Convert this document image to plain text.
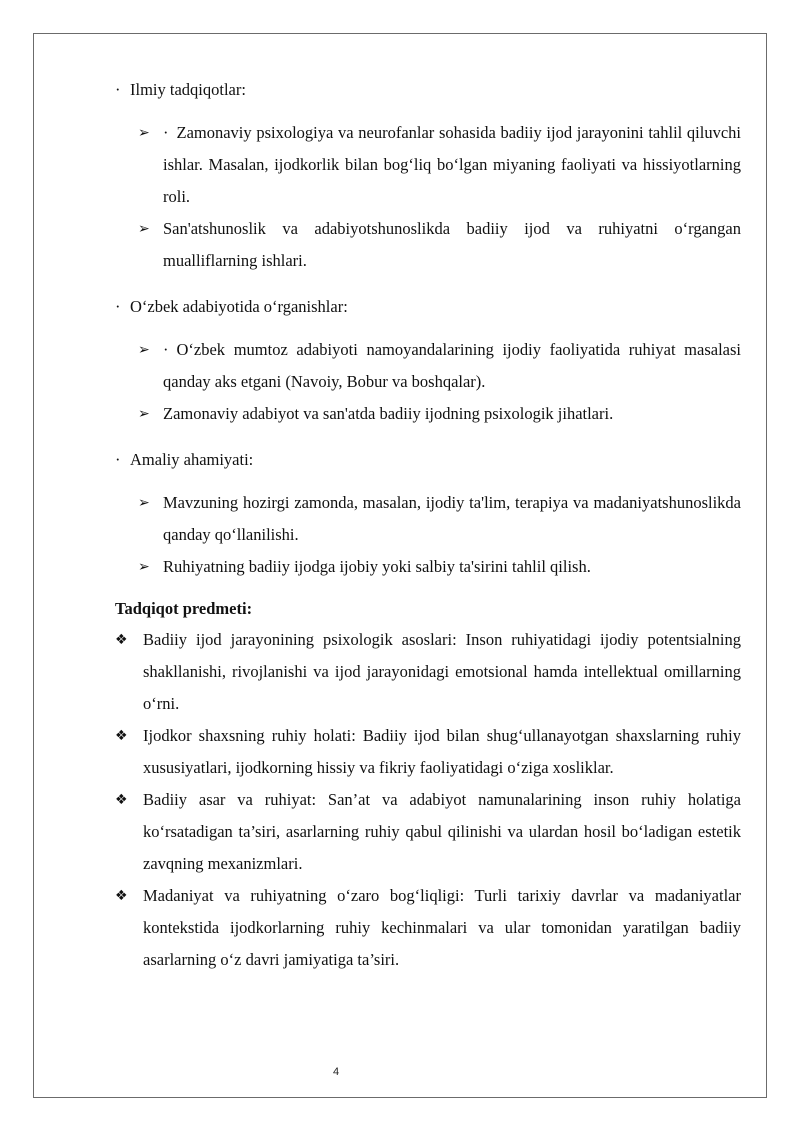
· Ilmiy tadqiqotlar:
➢ · Zamonaviy psixologiya va neurofanlar sohasida badiiy ijod jarayonini tahlil qiluvchi ishlar. Masalan, ijodkorlik bilan bog‘liq bo‘lgan miyaning faoliyati va hissiyotlarning roli.
➢ San'atshunoslik va adabiyotshunoslikda badiiy ijod va ruhiyatni o‘rgangan mualliflarning ishlari.
· O‘zbek adabiyotida o‘rganishlar:
➢ · O‘zbek mumtoz adabiyoti namoyandalarining ijodiy faoliyatida ruhiyat masalasi qanday aks etgani (Navoiy, Bobur va boshqalar).
➢ Zamonaviy adabiyot va san'atda badiiy ijodning psixologik jihatlari.
· Amaliy ahamiyati:
➢ Mavzuning hozirgi zamonda, masalan, ijodiy ta'lim, terapiya va madaniyatshunoslikda qanday qo‘llanilishi.
➢ Ruhiyatning badiiy ijodga ijobiy yoki salbiy ta'sirini tahlil qilish.
Tadqiqot predmeti:
❖ Badiiy ijod jarayonining psixologik asoslari: Inson ruhiyatidagi ijodiy potentsialning shakllanishi, rivojlanishi va ijod jarayonidagi emotsional hamda intellektual omillarning o‘rni.
❖ Ijodkor shaxsning ruhiy holati: Badiiy ijod bilan shug‘ullanayotgan shaxslarning ruhiy xususiyatlari, ijodkorning hissiy va fikriy faoliyatidagi o‘ziga xosliklar.
❖ Badiiy asar va ruhiyat: San’at va adabiyot namunalarining inson ruhiy holatiga ko‘rsatadigan ta’siri, asarlarning ruhiy qabul qilinishi va ulardan hosil bo‘ladigan estetik zavqning mexanizmlari.
❖ Madaniyat va ruhiyatning o‘zaro bog‘liqligi: Turli tarixiy davrlar va madaniyatlar kontekstida ijodkorlarning ruhiy kechinmalari va ular tomonidan yaratilgan badiiy asarlarning o‘z davri jamiyatiga ta’siri.
4
